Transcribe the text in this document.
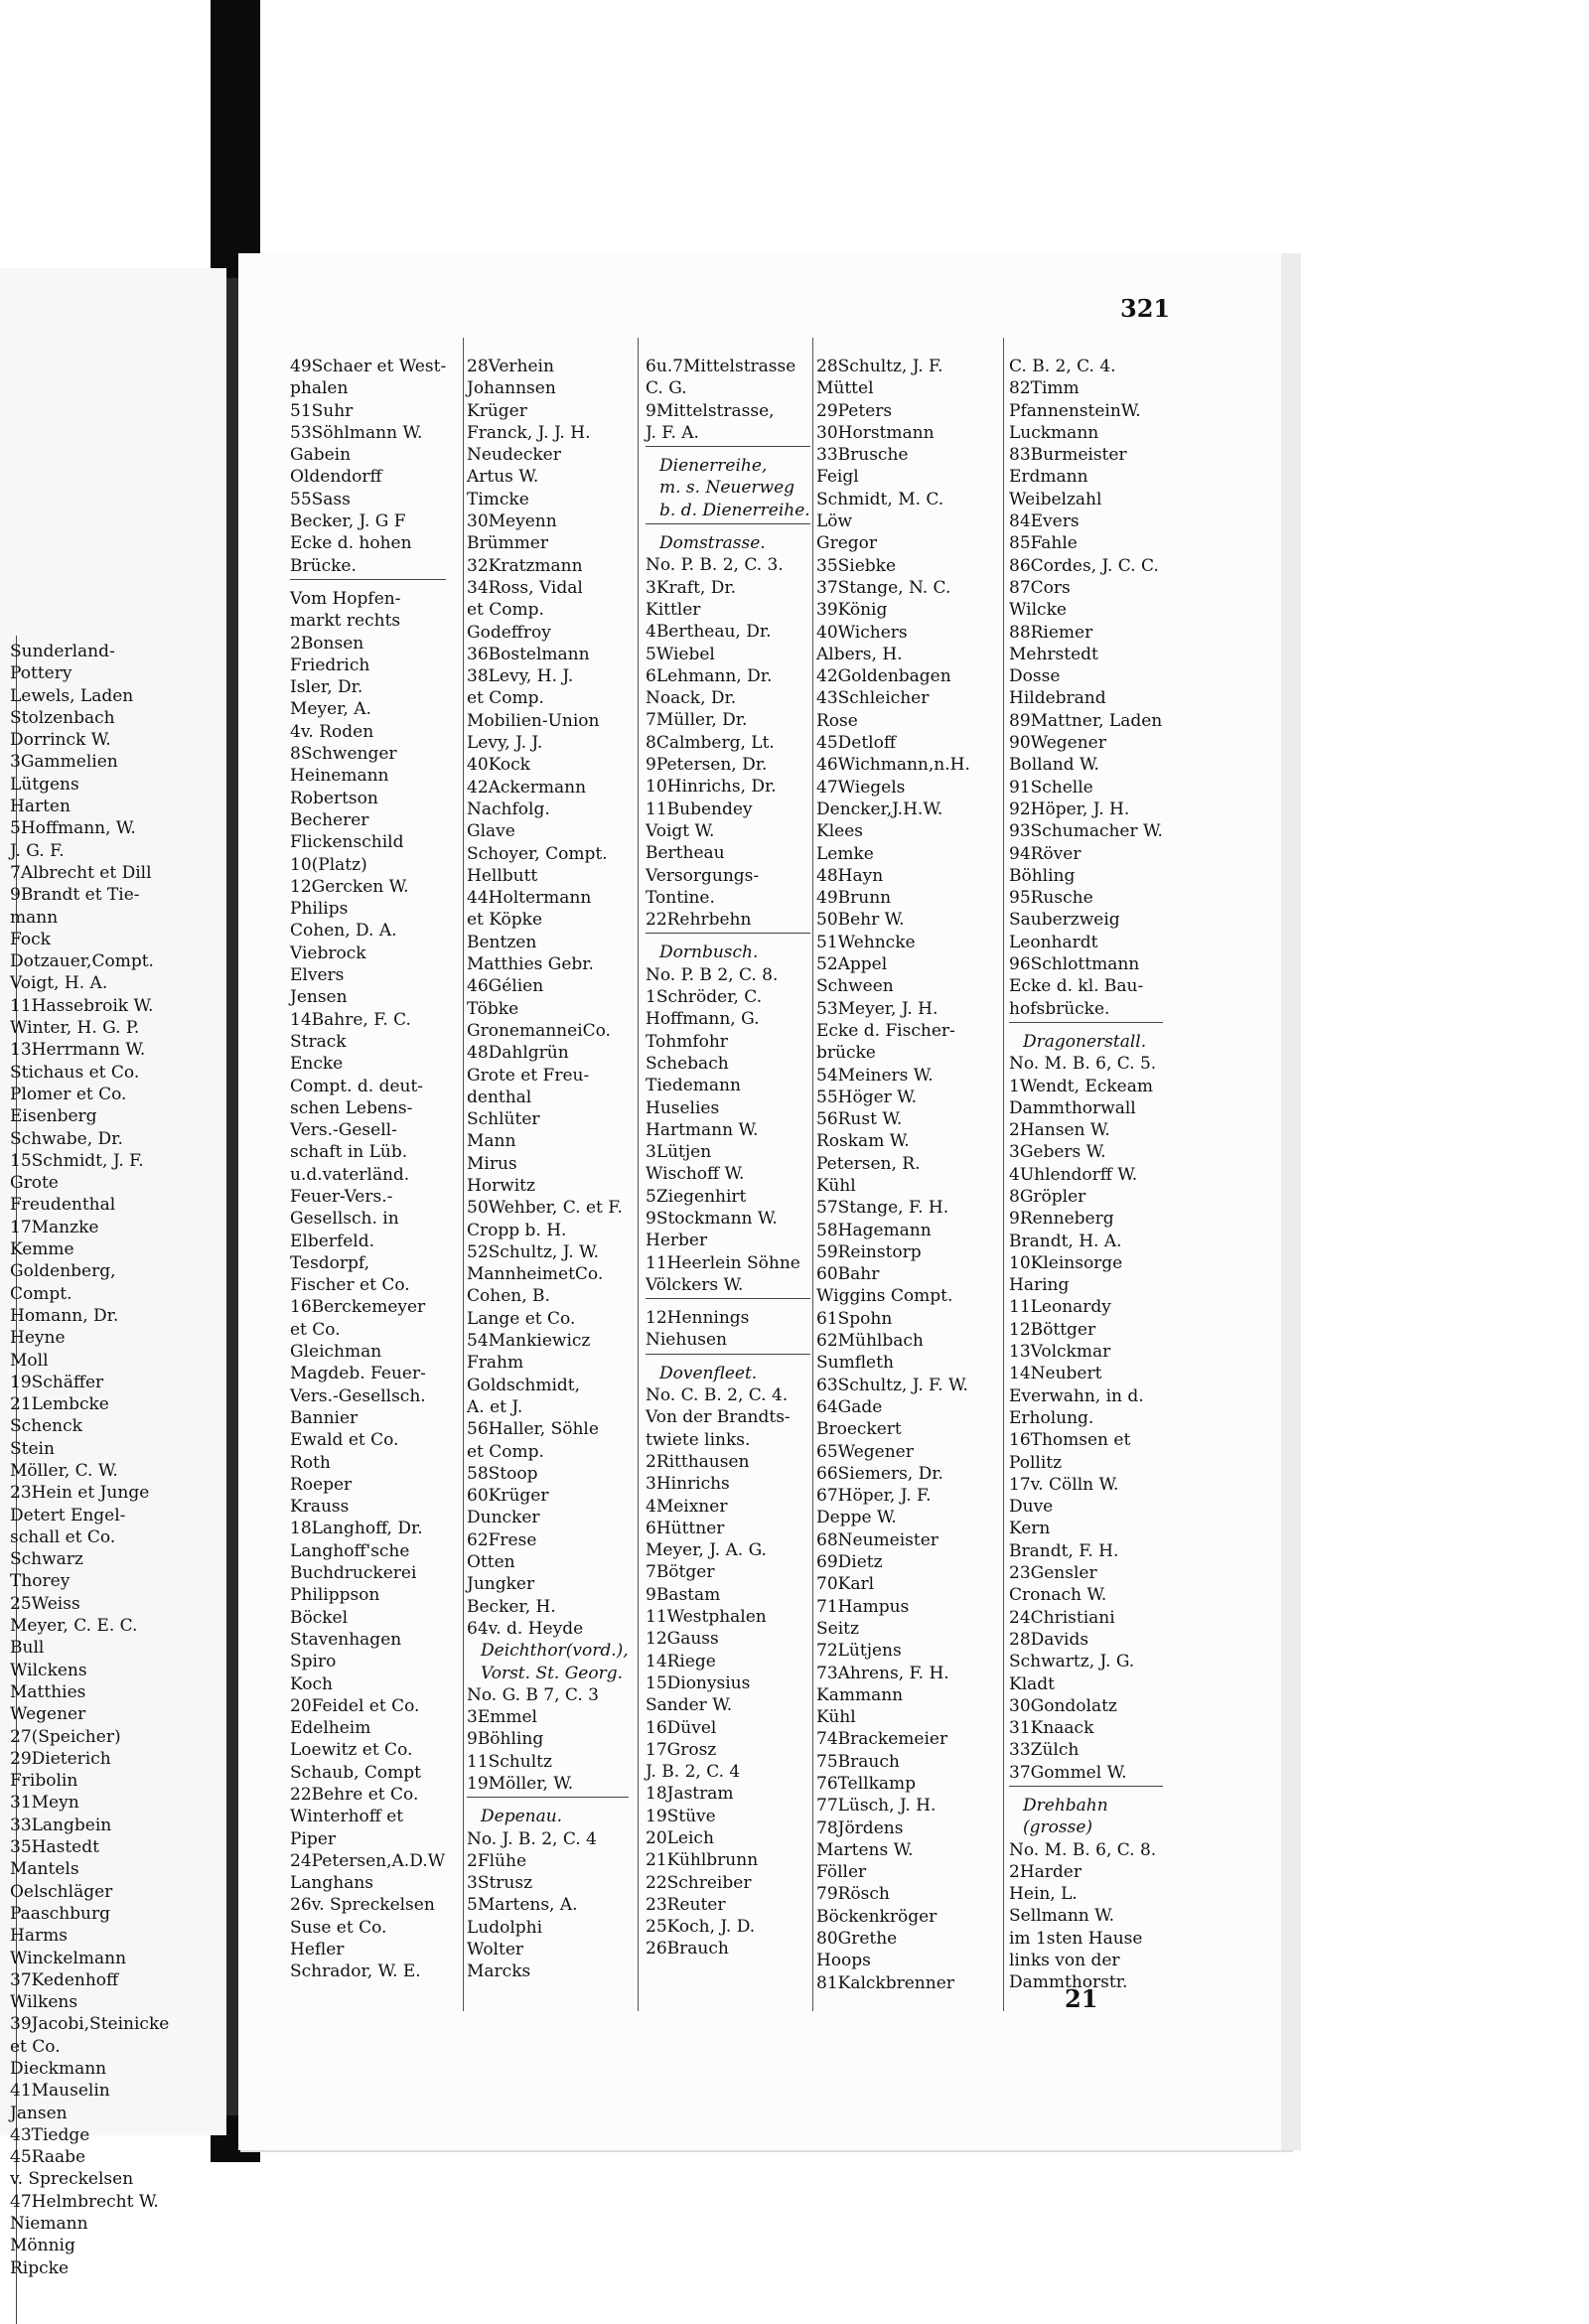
Sunderland-
Pottery
Lewels, Laden
Stolzenbach
Dorrinck W.
3Gammelien
Lütgens
Harten
5Hoffmann, W.
J. G. F.
7Albrecht et Dill
9Brandt et Tie-
mann
Fock
Dotzauer,Compt.
Voigt, H. A.
11Hassebroik W.
Winter, H. G. P.
13Herrmann W.
Stichaus et Co.
Plomer et Co.
Eisenberg
Schwabe, Dr.
15Schmidt, J. F.
Grote
Freudenthal
17Manzke
Kemme
Goldenberg,
Compt.
Homann, Dr.
Heyne
Moll
19Schäffer
21Lembcke
Schenck
Stein
Möller, C. W.
23Hein et Junge
Detert Engel-
schall et Co.
Schwarz
Thorey
25Weiss
Meyer, C. E. C.
Bull
Wilckens
Matthies
Wegener
27(Speicher)
29Dieterich
Fribolin
31Meyn
33Langbein
35Hastedt
Mantels
Oelschläger
Paaschburg
Harms
Winckelmann
37Kedenhoff
Wilkens
39Jacobi,Steinicke
et Co.
Dieckmann
41Mauselin
Jansen
43Tiedge
45Raabe
v. Spreckelsen
47Helmbrecht W.
Niemann
Mönnig
Ripcke
321
49Schaer et West-
phalen
51Suhr
53Söhlmann W.
Gabein
Oldendorff
55Sass
Becker, J. G F
Ecke d. hohen
Brücke.
Vom Hopfen-
markt rechts
2Bonsen
Friedrich
Isler, Dr.
Meyer, A.
4v. Roden
8Schwenger
Heinemann
Robertson
Becherer
Flickenschild
10(Platz)
12Gercken W.
Philips
Cohen, D. A.
Viebrock
Elvers
Jensen
14Bahre, F. C.
Strack
Encke
Compt. d. deut-
schen Lebens-
Vers.-Gesell-
schaft in Lüb.
u.d.vaterländ.
Feuer-Vers.-
Gesellsch. in
Elberfeld.
Tesdorpf,
Fischer et Co.
16Berckemeyer
et Co.
Gleichman
Magdeb. Feuer-
Vers.-Gesellsch.
Bannier
Ewald et Co.
Roth
Roeper
Krauss
18Langhoff, Dr.
Langhoff'sche
Buchdruckerei
Philippson
Böckel
Stavenhagen
Spiro
Koch
20Feidel et Co.
Edelheim
Loewitz et Co.
Schaub, Compt
22Behre et Co.
Winterhoff et
Piper
24Petersen,A.D.W
Langhans
26v. Spreckelsen
Suse et Co.
Hefler
Schrador, W. E.
28Verhein
Johannsen
Krüger
Franck, J. J. H.
Neudecker
Artus W.
Timcke
30Meyenn
Brümmer
32Kratzmann
34Ross, Vidal
et Comp.
Godeffroy
36Bostelmann
38Levy, H. J.
et Comp.
Mobilien-Union
Levy, J. J.
40Kock
42Ackermann
Nachfolg.
Glave
Schoyer, Compt.
Hellbutt
44Holtermann
et Köpke
Bentzen
Matthies Gebr.
46Gélien
Töbke
GronemanneiCo.
48Dahlgrün
Grote et Freu-
denthal
Schlüter
Mann
Mirus
Horwitz
50Wehber, C. et F.
Cropp b. H.
52Schultz, J. W.
MannheimetCo.
Cohen, B.
Lange et Co.
54Mankiewicz
Frahm
Goldschmidt,
A. et J.
56Haller, Söhle
et Comp.
58Stoop
60Krüger
Duncker
62Frese
Otten
Jungker
Becker, H.
64v. d. Heyde
Deichthor(vord.),
Vorst. St. Georg.
No. G. B 7, C. 3
3Emmel
9Böhling
11Schultz
19Möller, W.
Depenau.
No. J. B. 2, C. 4
2Flühe
3Strusz
5Martens, A.
Ludolphi
Wolter
Marcks
6u.7Mittelstrasse
C. G.
9Mittelstrasse,
J. F. A.
Dienerreihe,
m. s. Neuerweg
b. d. Dienerreihe.
Domstrasse.
No. P. B. 2, C. 3.
3Kraft, Dr.
Kittler
4Bertheau, Dr.
5Wiebel
6Lehmann, Dr.
Noack, Dr.
7Müller, Dr.
8Calmberg, Lt.
9Petersen, Dr.
10Hinrichs, Dr.
11Bubendey
Voigt W.
Bertheau
Versorgungs-
Tontine.
22Rehrbehn
Dornbusch.
No. P. B 2, C. 8.
1Schröder, C.
Hoffmann, G.
Tohmfohr
Schebach
Tiedemann
Huselies
Hartmann W.
3Lütjen
Wischoff W.
5Ziegenhirt
9Stockmann W.
Herber
11Heerlein Söhne
Völckers W.
12Hennings
Niehusen
Dovenfleet.
No. C. B. 2, C. 4.
Von der Brandts-
twiete links.
2Ritthausen
3Hinrichs
4Meixner
6Hüttner
Meyer, J. A. G.
7Bötger
9Bastam
11Westphalen
12Gauss
14Riege
15Dionysius
Sander W.
16Düvel
17Grosz
J. B. 2, C. 4
18Jastram
19Stüve
20Leich
21Kühlbrunn
22Schreiber
23Reuter
25Koch, J. D.
26Brauch
28Schultz, J. F.
Müttel
29Peters
30Horstmann
33Brusche
Feigl
Schmidt, M. C.
Löw
Gregor
35Siebke
37Stange, N. C.
39König
40Wichers
Albers, H.
42Goldenbagen
43Schleicher
Rose
45Detloff
46Wichmann,n.H.
47Wiegels
Dencker,J.H.W.
Klees
Lemke
48Hayn
49Brunn
50Behr W.
51Wehncke
52Appel
Schween
53Meyer, J. H.
Ecke d. Fischer-
brücke
54Meiners W.
55Höger W.
56Rust W.
Roskam W.
Petersen, R.
Kühl
57Stange, F. H.
58Hagemann
59Reinstorp
60Bahr
Wiggins Compt.
61Spohn
62Mühlbach
Sumfleth
63Schultz, J. F. W.
64Gade
Broeckert
65Wegener
66Siemers, Dr.
67Höper, J. F.
Deppe W.
68Neumeister
69Dietz
70Karl
71Hampus
Seitz
72Lütjens
73Ahrens, F. H.
Kammann
Kühl
74Brackemeier
75Brauch
76Tellkamp
77Lüsch, J. H.
78Jördens
Martens W.
Föller
79Rösch
Böckenkröger
80Grethe
Hoops
81Kalckbrenner
C. B. 2, C. 4.
82Timm
PfannensteinW.
Luckmann
83Burmeister
Erdmann
Weibelzahl
84Evers
85Fahle
86Cordes, J. C. C.
87Cors
Wilcke
88Riemer
Mehrstedt
Dosse
Hildebrand
89Mattner, Laden
90Wegener
Bolland W.
91Schelle
92Höper, J. H.
93Schumacher W.
94Röver
Böhling
95Rusche
Sauberzweig
Leonhardt
96Schlottmann
Ecke d. kl. Bau-
hofsbrücke.
Dragonerstall.
No. M. B. 6, C. 5.
1Wendt, Eckeam
Dammthorwall
2Hansen W.
3Gebers W.
4Uhlendorff W.
8Gröpler
9Renneberg
Brandt, H. A.
10Kleinsorge
Haring
11Leonardy
12Böttger
13Volckmar
14Neubert
Everwahn, in d.
Erholung.
16Thomsen et
Pollitz
17v. Cölln W.
Duve
Kern
Brandt, F. H.
23Gensler
Cronach W.
24Christiani
28Davids
Schwartz, J. G.
Kladt
30Gondolatz
31Knaack
33Zülch
37Gommel W.
Drehbahn
(grosse)
No. M. B. 6, C. 8.
2Harder
Hein, L.
Sellmann W.
im 1sten Hause
links von der
Dammthorstr.
21
